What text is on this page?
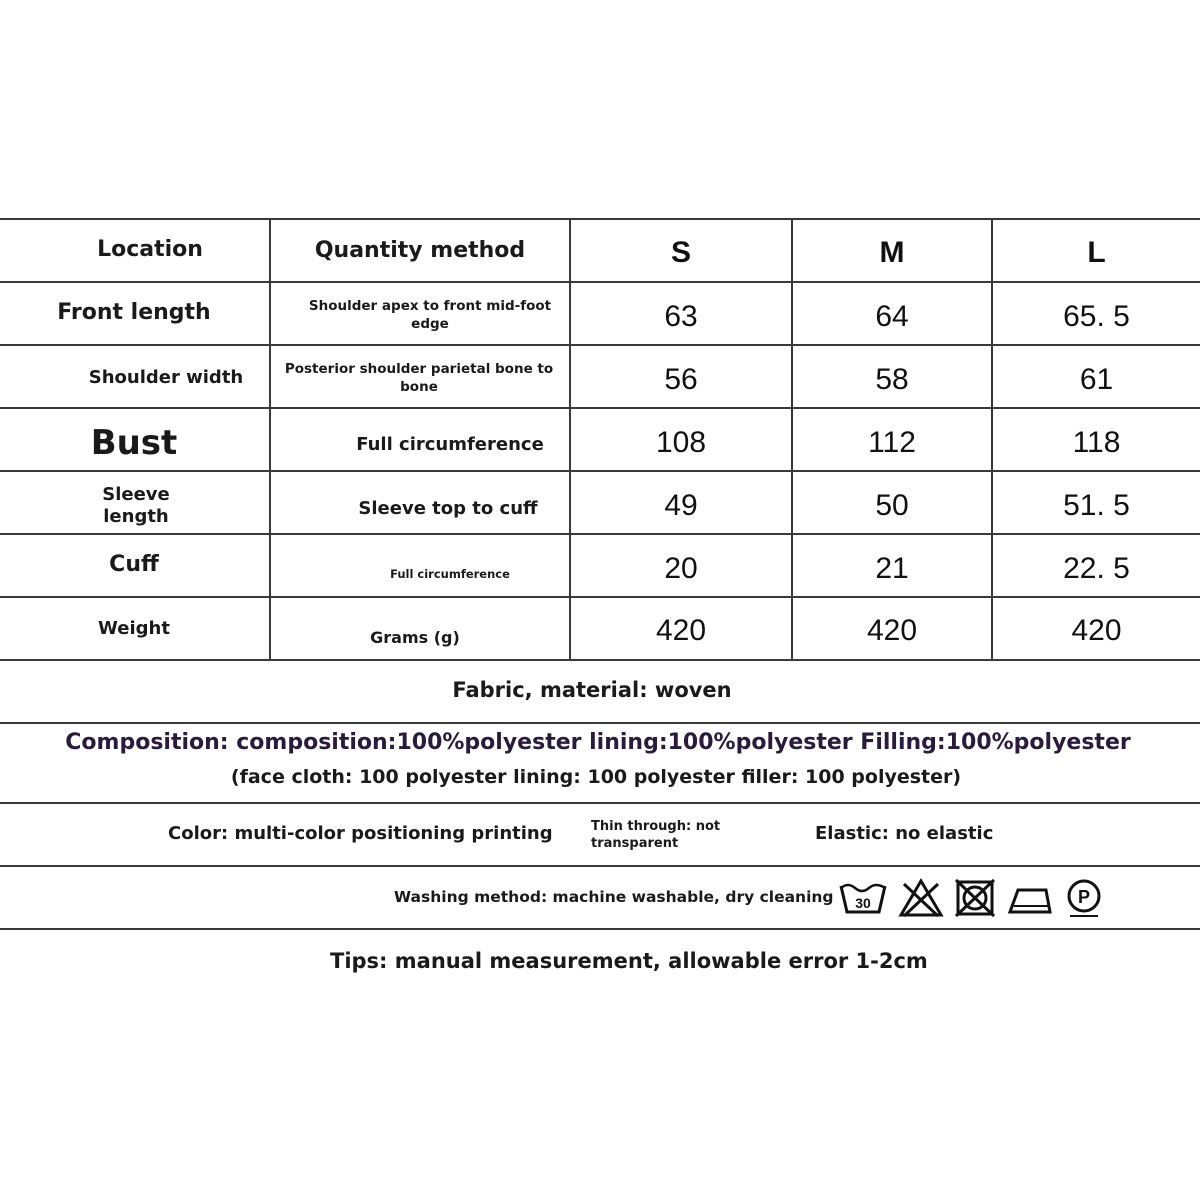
Location	Quantity method	S	M	L
Front length	Shoulder apex to front mid-foot edge	63	64	65. 5
Shoulder width	Posterior shoulder parietal bone to bone	56	58	61
Bust	Full circumference	108	112	118
Sleeve length	Sleeve top to cuff	49	50	51. 5
Cuff	Full circumference	20	21	22. 5
Weight	Grams (g)	420	420	420
Fabric, material: woven
Composition: composition:100%polyester lining:100%polyester Filling:100%polyester
(face cloth: 100 polyester lining: 100 polyester filler: 100 polyester)
Color: multi-color positioning printing	Thin through: not transparent	Elastic: no elastic
Washing method: machine washable, dry cleaning 30	P
Tips: manual measurement, allowable error 1-2cm
